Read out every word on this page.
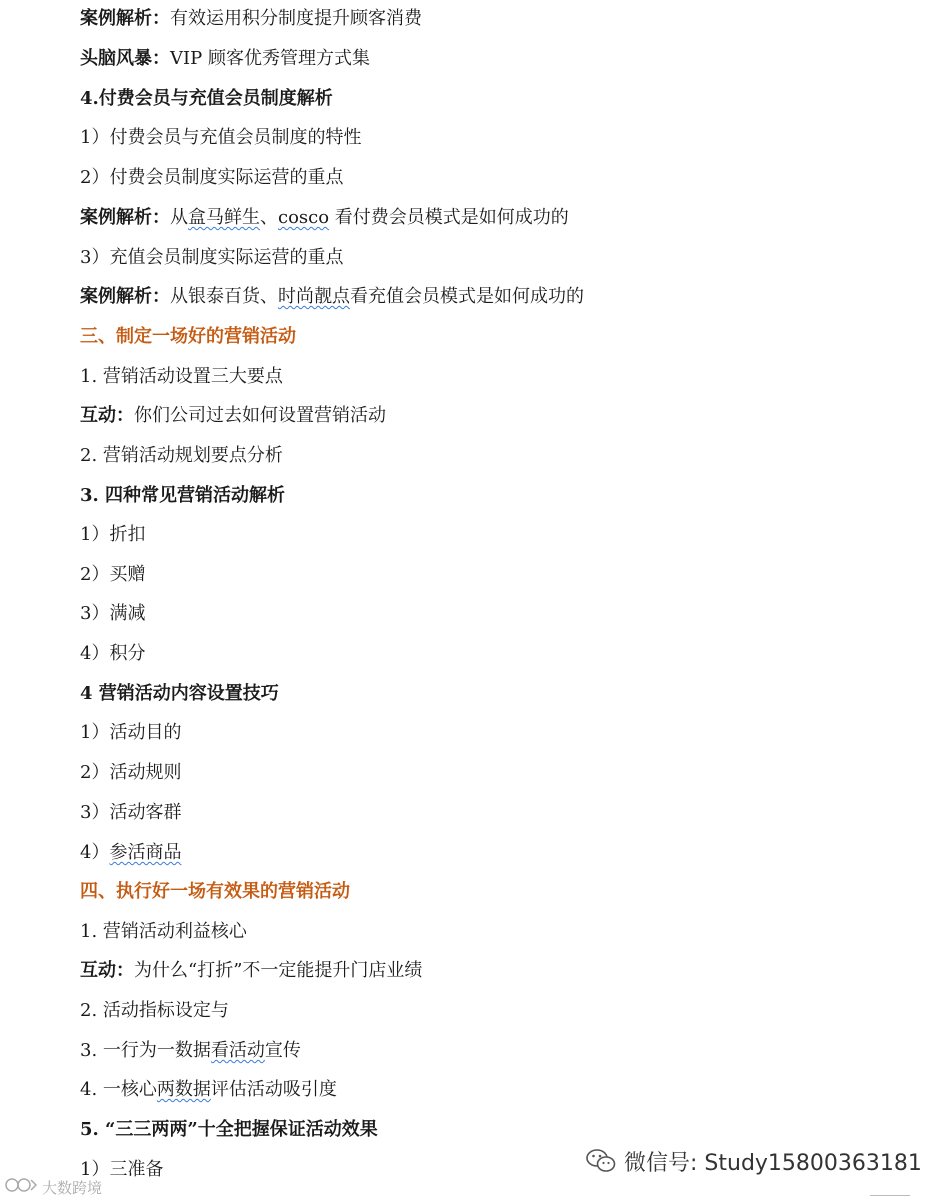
案例解析：有效运用积分制度提升顾客消费
头脑风暴：VIP 顾客优秀管理方式集
4.付费会员与充值会员制度解析
1）付费会员与充值会员制度的特性
2）付费会员制度实际运营的重点
案例解析：从盒马鲜生、cosco 看付费会员模式是如何成功的
3）充值会员制度实际运营的重点
案例解析：从银泰百货、时尚靓点看充值会员模式是如何成功的
三、制定一场好的营销活动
1. 营销活动设置三大要点
互动：你们公司过去如何设置营销活动
2. 营销活动规划要点分析
3. 四种常见营销活动解析
1）折扣
2）买赠
3）满减
4）积分
4 营销活动内容设置技巧
1）活动目的
2）活动规则
3）活动客群
4）参活商品
四、执行好一场有效果的营销活动
1. 营销活动利益核心
互动：为什么“打折”不一定能提升门店业绩
2. 活动指标设定与
3. 一行为一数据看活动宣传
4. 一核心两数据评估活动吸引度
5. “三三两两”十全把握保证活动效果
1）三准备	微信号: Study15800363181
大数跨境
